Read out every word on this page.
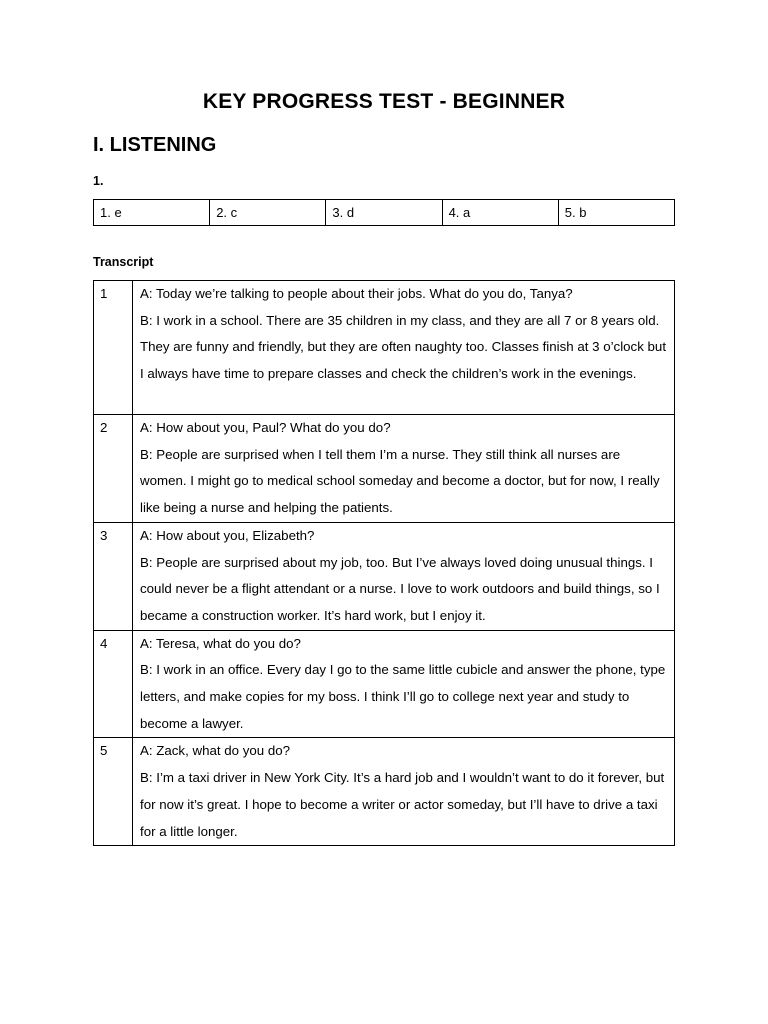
KEY PROGRESS TEST - BEGINNER
I. LISTENING
1.
1. e	2. c	3. d	4. a	5. b
Transcript
1	A: Today we’re talking to people about their jobs. What do you do, Tanya?
B: I work in a school. There are 35 children in my class, and they are all 7 or 8 years old. They are funny and friendly, but they are often naughty too. Classes finish at 3 o’clock but I always have time to prepare classes and check the children’s work in the evenings.

2	A: How about you, Paul? What do you do?
B: People are surprised when I tell them I’m a nurse. They still think all nurses are women. I might go to medical school someday and become a doctor, but for now, I really like being a nurse and helping the patients.

3	A: How about you, Elizabeth?
B: People are surprised about my job, too. But I’ve always loved doing unusual things. I could never be a flight attendant or a nurse. I love to work outdoors and build things, so I became a construction worker. It’s hard work, but I enjoy it.

4	A: Teresa, what do you do?
B: I work in an office. Every day I go to the same little cubicle and answer the phone, type letters, and make copies for my boss. I think I’ll go to college next year and study to become a lawyer.

5	A: Zack, what do you do?
B: I’m a taxi driver in New York City. It’s a hard job and I wouldn’t want to do it forever, but for now it’s great. I hope to become a writer or actor someday, but I’ll have to drive a taxi for a little longer.
